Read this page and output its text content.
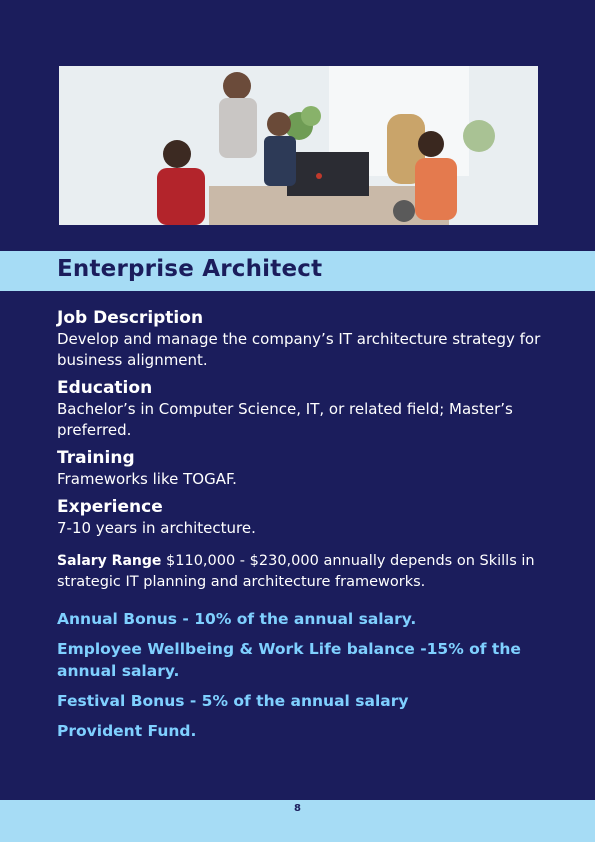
Enterprise Architect

Job Description

Develop and manage the company’s IT architecture strategy for business alignment.

Education

Bachelor’s in Computer Science, IT, or related field; Master’s preferred.

Training

Frameworks like TOGAF.

Experience

7-10 years in architecture.

Salary Range $110,000 - $230,000 annually depends on Skills in strategic IT planning and architecture frameworks.

Annual Bonus - 10% of the annual salary.
Employee Wellbeing & Work Life balance -15% of the annual salary.
Festival Bonus - 5% of the annual salary
Provident Fund.
8
